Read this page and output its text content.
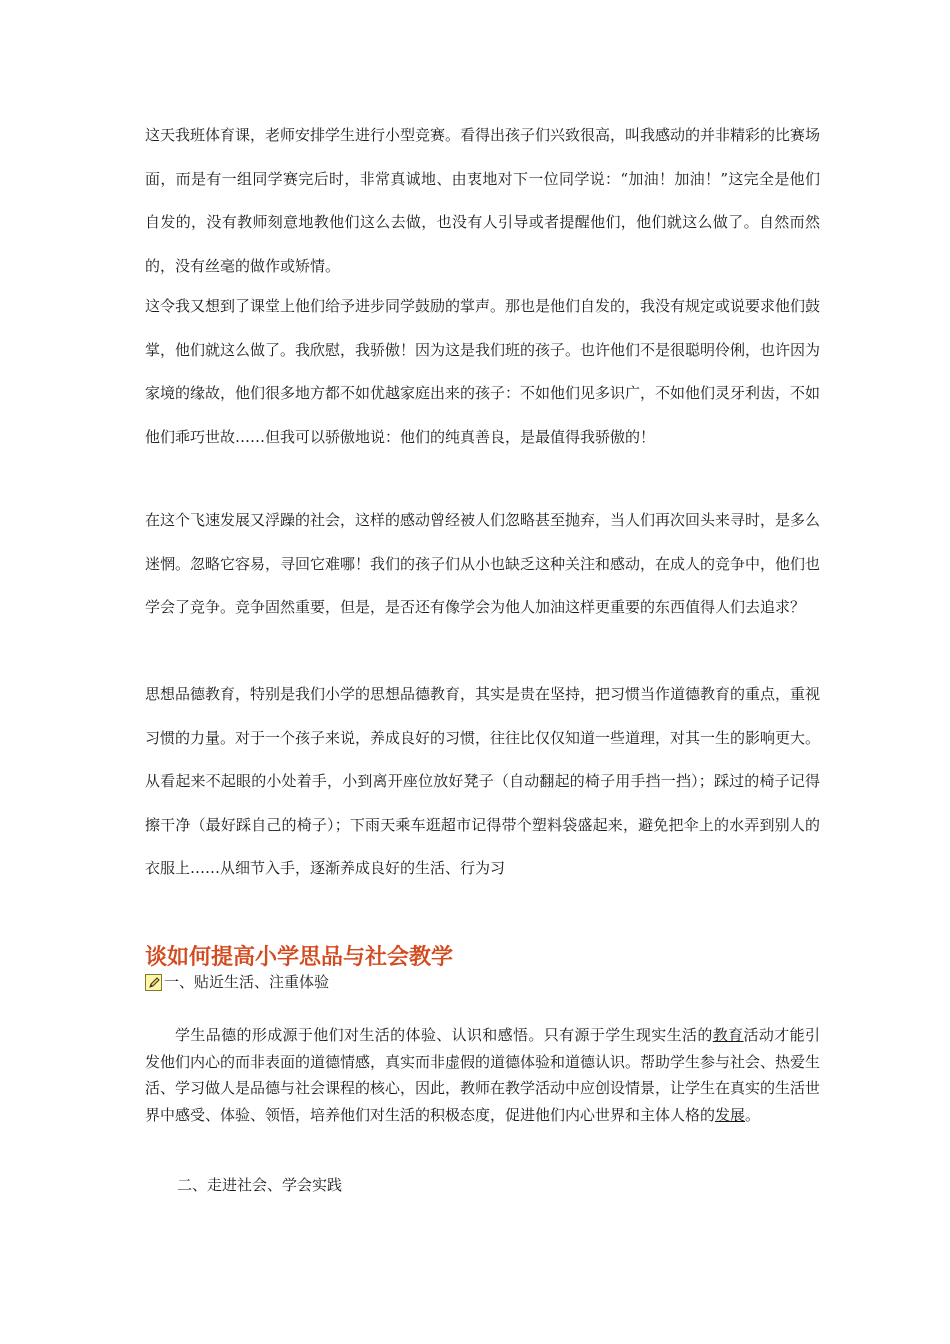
这天我班体育课，老师安排学生进行小型竞赛。看得出孩子们兴致很高，叫我感动的并非精彩的比赛场面，而是有一组同学赛完后时，非常真诚地、由衷地对下一位同学说：“加油！加油！”这完全是他们自发的，没有教师刻意地教他们这么去做，也没有人引导或者提醒他们，他们就这么做了。自然而然的，没有丝毫的做作或矫情。

这令我又想到了课堂上他们给予进步同学鼓励的掌声。那也是他们自发的，我没有规定或说要求他们鼓掌，他们就这么做了。我欣慰，我骄傲！因为这是我们班的孩子。也许他们不是很聪明伶俐，也许因为家境的缘故，他们很多地方都不如优越家庭出来的孩子：不如他们见多识广，不如他们灵牙利齿，不如他们乖巧世故……但我可以骄傲地说：他们的纯真善良，是最值得我骄傲的！

在这个飞速发展又浮躁的社会，这样的感动曾经被人们忽略甚至抛弃，当人们再次回头来寻时，是多么迷惘。忽略它容易，寻回它难哪！我们的孩子们从小也缺乏这种关注和感动，在成人的竞争中，他们也学会了竞争。竞争固然重要，但是，是否还有像学会为他人加油这样更重要的东西值得人们去追求？

思想品德教育，特别是我们小学的思想品德教育，其实是贵在坚持，把习惯当作道德教育的重点，重视习惯的力量。对于一个孩子来说，养成良好的习惯，往往比仅仅知道一些道理，对其一生的影响更大。从看起来不起眼的小处着手，小到离开座位放好凳子（自动翻起的椅子用手挡一挡）；踩过的椅子记得擦干净（最好踩自己的椅子）；下雨天乘车逛超市记得带个塑料袋盛起来，避免把伞上的水弄到别人的衣服上……从细节入手，逐渐养成良好的生活、行为习

谈如何提高小学思品与社会教学
一、贴近生活、注重体验

学生品德的形成源于他们对生活的体验、认识和感悟。只有源于学生现实生活的教育活动才能引发他们内心的而非表面的道德情感，真实而非虚假的道德体验和道德认识。帮助学生参与社会、热爱生活、学习做人是品德与社会课程的核心，因此，教师在教学活动中应创设情景，让学生在真实的生活世界中感受、体验、领悟，培养他们对生活的积极态度，促进他们内心世界和主体人格的发展。

二、走进社会、学会实践
